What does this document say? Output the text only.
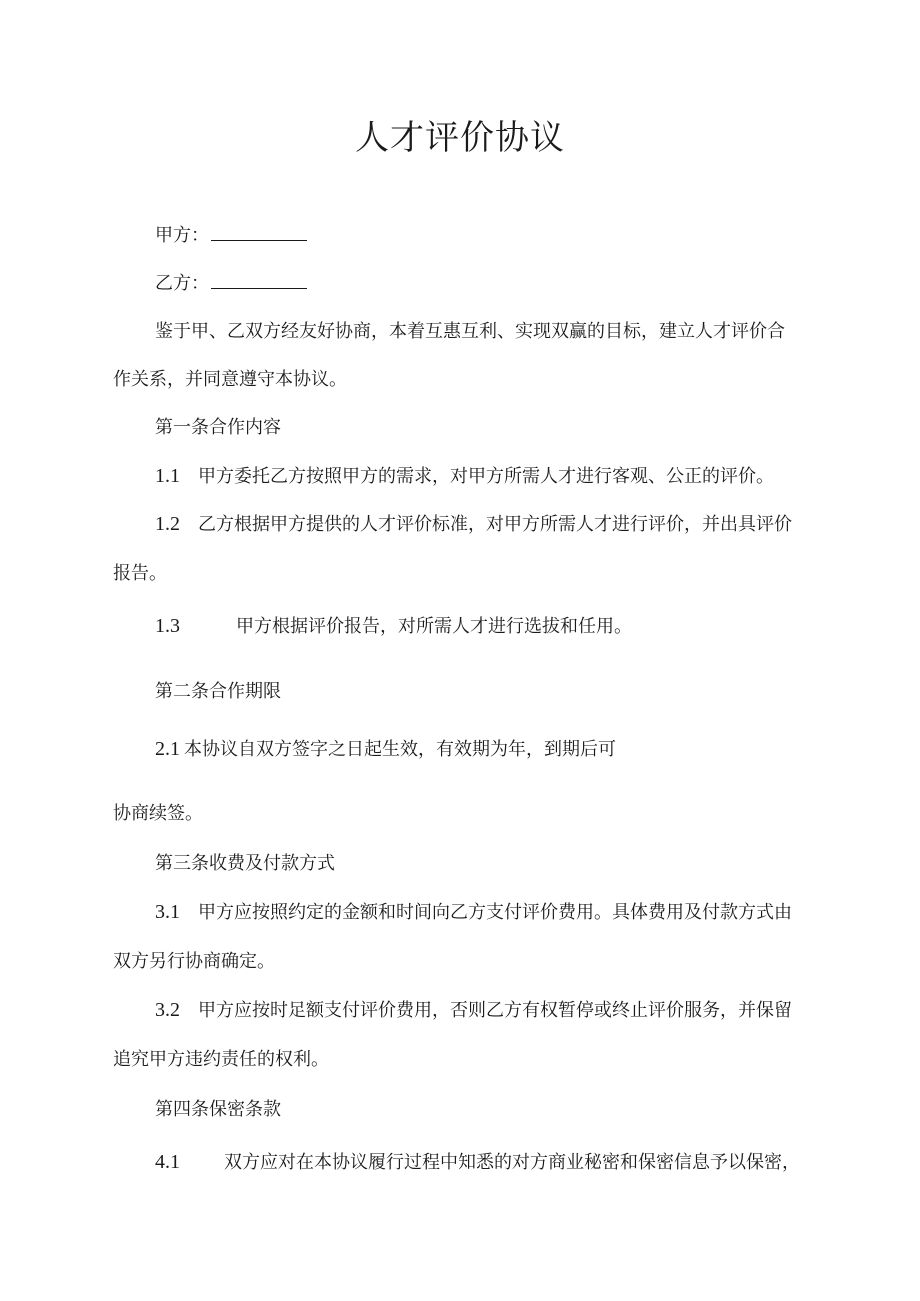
人才评价协议
甲方：
乙方：
鉴于甲、乙双方经友好协商，本着互惠互利、实现双赢的目标，建立人才评价合
作关系，并同意遵守本协议。
第一条合作内容
1.1 甲方委托乙方按照甲方的需求，对甲方所需人才进行客观、公正的评价。
1.2 乙方根据甲方提供的人才评价标准，对甲方所需人才进行评价，并出具评价
报告。
1.3	甲方根据评价报告，对所需人才进行选拔和任用。
第二条合作期限
2.1 本协议自双方签字之日起生效，有效期为年，到期后可
协商续签。
第三条收费及付款方式
3.1 甲方应按照约定的金额和时间向乙方支付评价费用。具体费用及付款方式由
双方另行协商确定。
3.2 甲方应按时足额支付评价费用，否则乙方有权暂停或终止评价服务，并保留
追究甲方违约责任的权利。
第四条保密条款
4.1 双方应对在本协议履行过程中知悉的对方商业秘密和保密信息予以保密，
